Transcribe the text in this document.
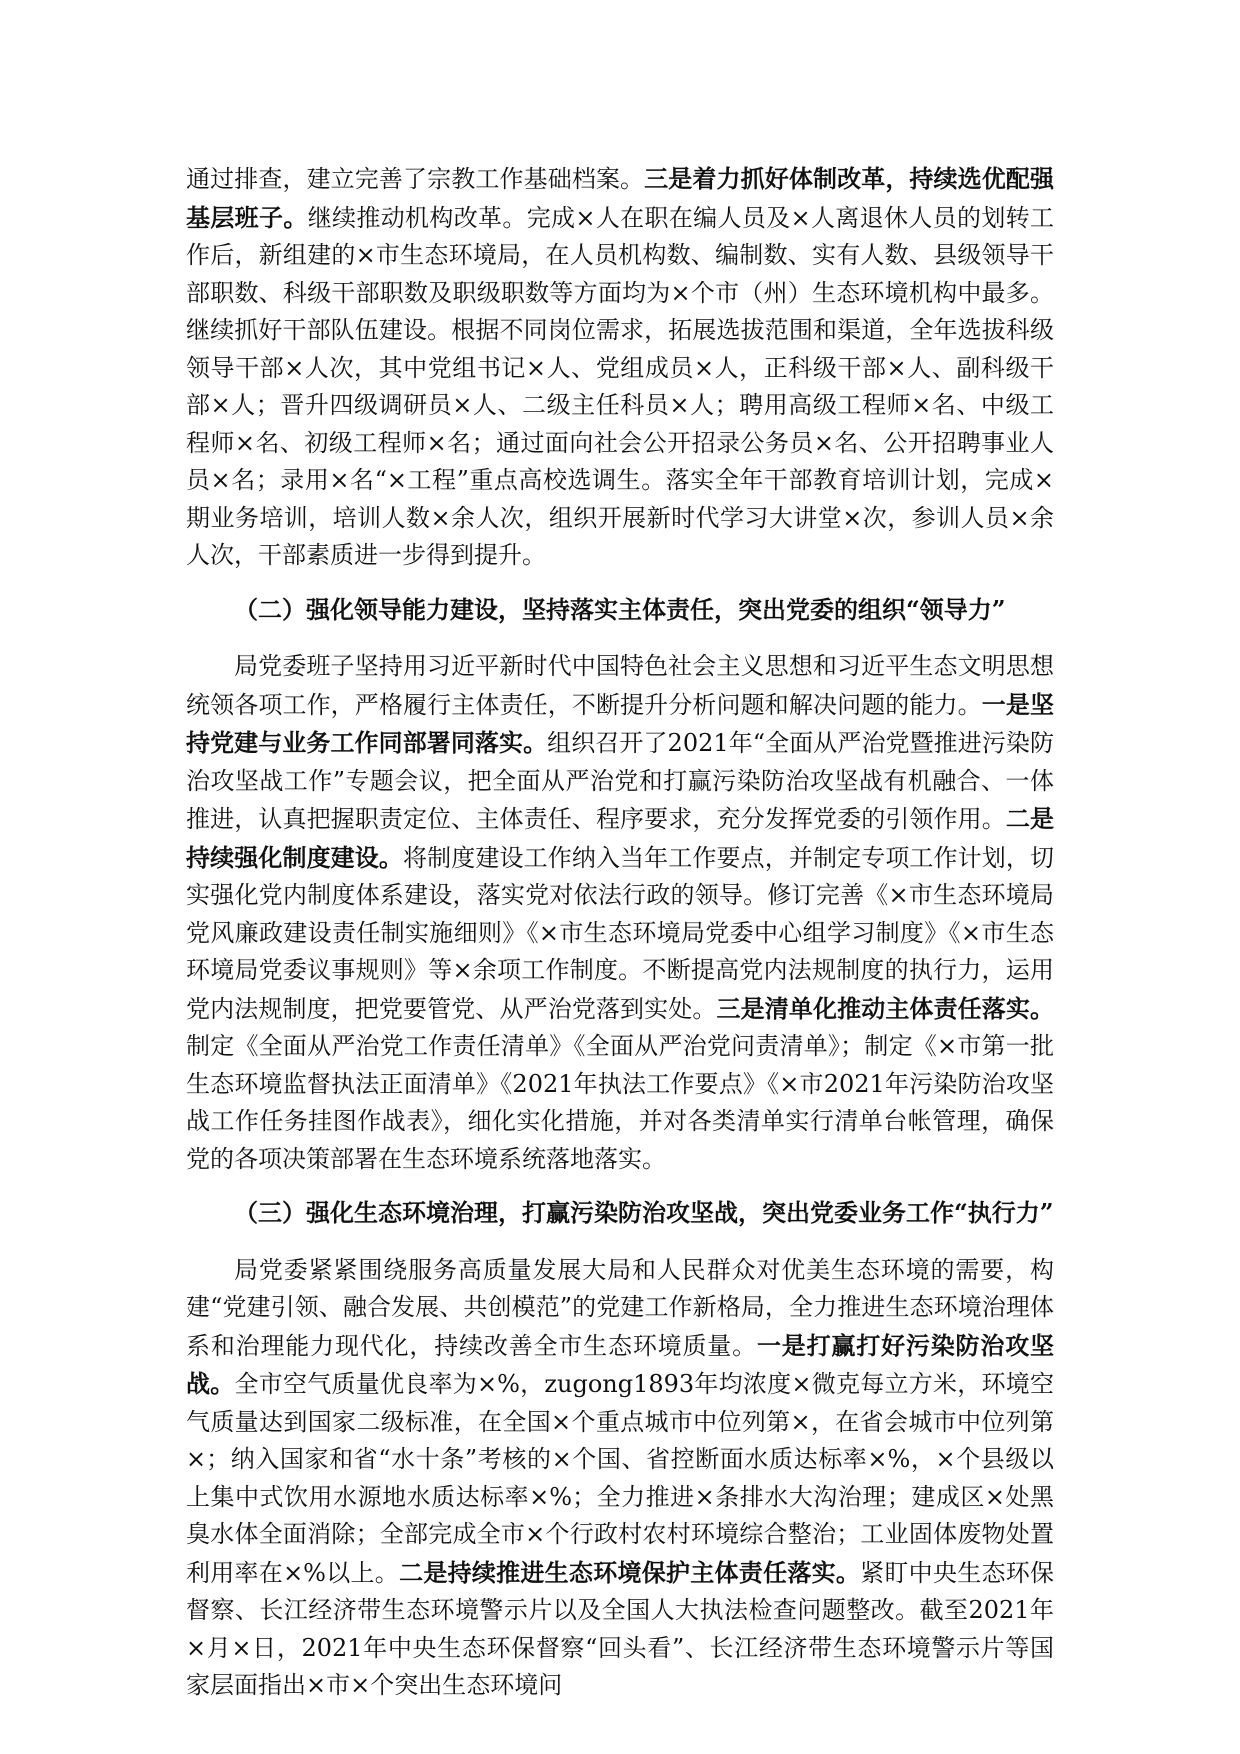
通过排查，建立完善了宗教工作基础档案。三是着力抓好体制改革，持续选优配强基层班子。继续推动机构改革。完成×人在职在编人员及×人离退休人员的划转工作后，新组建的×市生态环境局，在人员机构数、编制数、实有人数、县级领导干部职数、科级干部职数及职级职数等方面均为×个市（州）生态环境机构中最多。继续抓好干部队伍建设。根据不同岗位需求，拓展选拔范围和渠道，全年选拔科级领导干部×人次，其中党组书记×人、党组成员×人，正科级干部×人、副科级干部×人；晋升四级调研员×人、二级主任科员×人；聘用高级工程师×名、中级工程师×名、初级工程师×名；通过面向社会公开招录公务员×名、公开招聘事业人员×名；录用×名“×工程”重点高校选调生。落实全年干部教育培训计划，完成×期业务培训，培训人数×余人次，组织开展新时代学习大讲堂×次，参训人员×余人次，干部素质进一步得到提升。

（二）强化领导能力建设，坚持落实主体责任，突出党委的组织“领导力”

局党委班子坚持用习近平新时代中国特色社会主义思想和习近平生态文明思想统领各项工作，严格履行主体责任，不断提升分析问题和解决问题的能力。一是坚持党建与业务工作同部署同落实。组织召开了2021年“全面从严治党暨推进污染防治攻坚战工作”专题会议，把全面从严治党和打赢污染防治攻坚战有机融合、一体推进，认真把握职责定位、主体责任、程序要求，充分发挥党委的引领作用。二是持续强化制度建设。将制度建设工作纳入当年工作要点，并制定专项工作计划，切实强化党内制度体系建设，落实党对依法行政的领导。修订完善《×市生态环境局党风廉政建设责任制实施细则》《×市生态环境局党委中心组学习制度》《×市生态环境局党委议事规则》等×余项工作制度。不断提高党内法规制度的执行力，运用党内法规制度，把党要管党、从严治党落到实处。三是清单化推动主体责任落实。制定《全面从严治党工作责任清单》《全面从严治党问责清单》；制定《×市第一批生态环境监督执法正面清单》《2021年执法工作要点》《×市2021年污染防治攻坚战工作任务挂图作战表》，细化实化措施，并对各类清单实行清单台帐管理，确保党的各项决策部署在生态环境系统落地落实。

（三）强化生态环境治理，打赢污染防治攻坚战，突出党委业务工作“执行力”

局党委紧紧围绕服务高质量发展大局和人民群众对优美生态环境的需要，构建“党建引领、融合发展、共创模范”的党建工作新格局，全力推进生态环境治理体系和治理能力现代化，持续改善全市生态环境质量。一是打赢打好污染防治攻坚战。全市空气质量优良率为×%，zugong1893年均浓度×微克每立方米，环境空气质量达到国家二级标准，在全国×个重点城市中位列第×，在省会城市中位列第×；纳入国家和省“水十条”考核的×个国、省控断面水质达标率×%，×个县级以上集中式饮用水源地水质达标率×%；全力推进×条排水大沟治理；建成区×处黑臭水体全面消除；全部完成全市×个行政村农村环境综合整治；工业固体废物处置利用率在×%以上。二是持续推进生态环境保护主体责任落实。紧盯中央生态环保督察、长江经济带生态环境警示片以及全国人大执法检查问题整改。截至2021年×月×日，2021年中央生态环保督察“回头看”、长江经济带生态环境警示片等国家层面指出×市×个突出生态环境问
